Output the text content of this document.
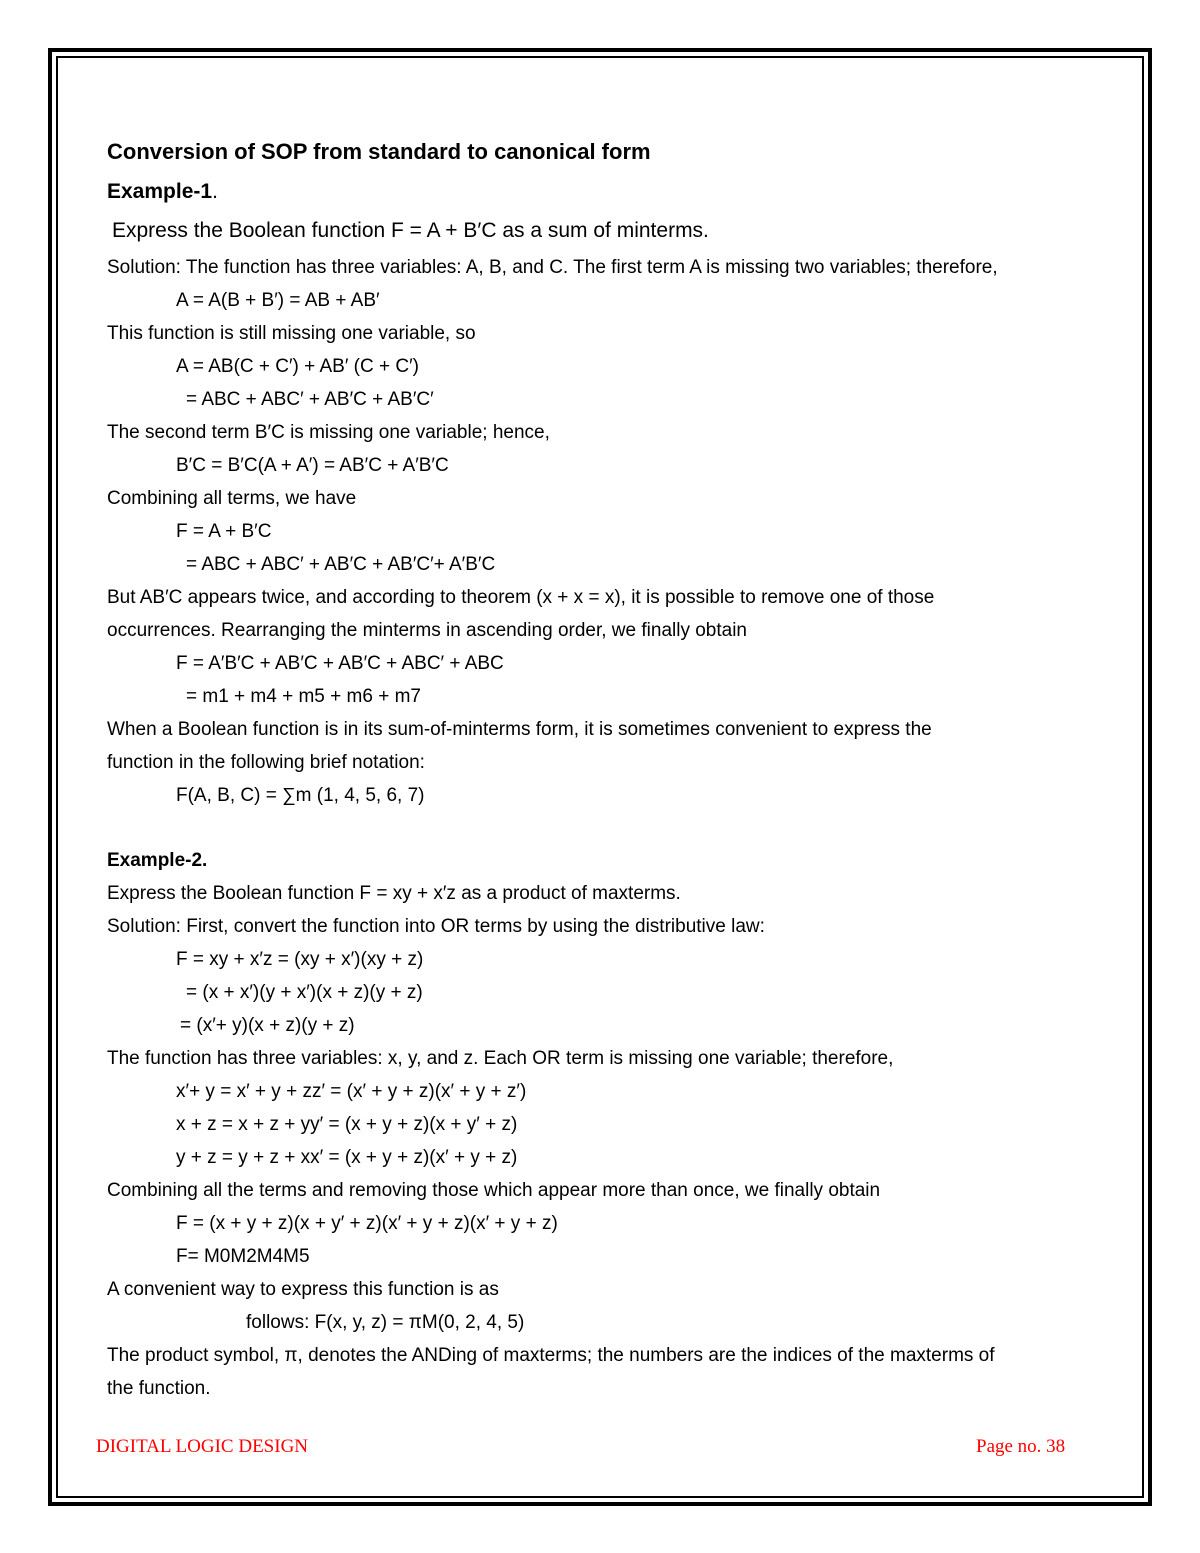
Conversion of SOP from standard to canonical form
Example-1.
Express the Boolean function F = A + B′C as a sum of minterms.
Solution: The function has three variables: A, B, and C. The first term A is missing two variables; therefore,
A = A(B + B′) = AB + AB′
This function is still missing one variable, so
A = AB(C + C′) + AB′ (C + C′)
= ABC + ABC′ + AB′C + AB′C′
The second term B′C is missing one variable; hence,
B′C = B′C(A + A′) = AB′C + A′B′C
Combining all terms, we have
F = A + B′C
= ABC + ABC′ + AB′C + AB′C′+ A′B′C
But AB′C appears twice, and according to theorem (x + x = x), it is possible to remove one of those
occurrences. Rearranging the minterms in ascending order, we finally obtain
F = A′B′C + AB′C + AB′C + ABC′ + ABC
= m1 + m4 + m5 + m6 + m7
When a Boolean function is in its sum-of-minterms form, it is sometimes convenient to express the
function in the following brief notation:
F(A, B, C) = ∑m (1, 4, 5, 6, 7)
Example-2.
Express the Boolean function F = xy + x′z as a product of maxterms.
Solution: First, convert the function into OR terms by using the distributive law:
F = xy + x′z = (xy + x′)(xy + z)
= (x + x′)(y + x′)(x + z)(y + z)
= (x′+ y)(x + z)(y + z)
The function has three variables: x, y, and z. Each OR term is missing one variable; therefore,
x′+ y = x′ + y + zz′ = (x′ + y + z)(x′ + y + z′)
x + z = x + z + yy′ = (x + y + z)(x + y′ + z)
y + z = y + z + xx′ = (x + y + z)(x′ + y + z)
Combining all the terms and removing those which appear more than once, we finally obtain
F = (x + y + z)(x + y′ + z)(x′ + y + z)(x′ + y + z)
F= M0M2M4M5
A convenient way to express this function is as
follows: F(x, y, z) = πM(0, 2, 4, 5)
The product symbol, π, denotes the ANDing of maxterms; the numbers are the indices of the maxterms of
the function.
DIGITAL LOGIC DESIGN	Page no. 38
